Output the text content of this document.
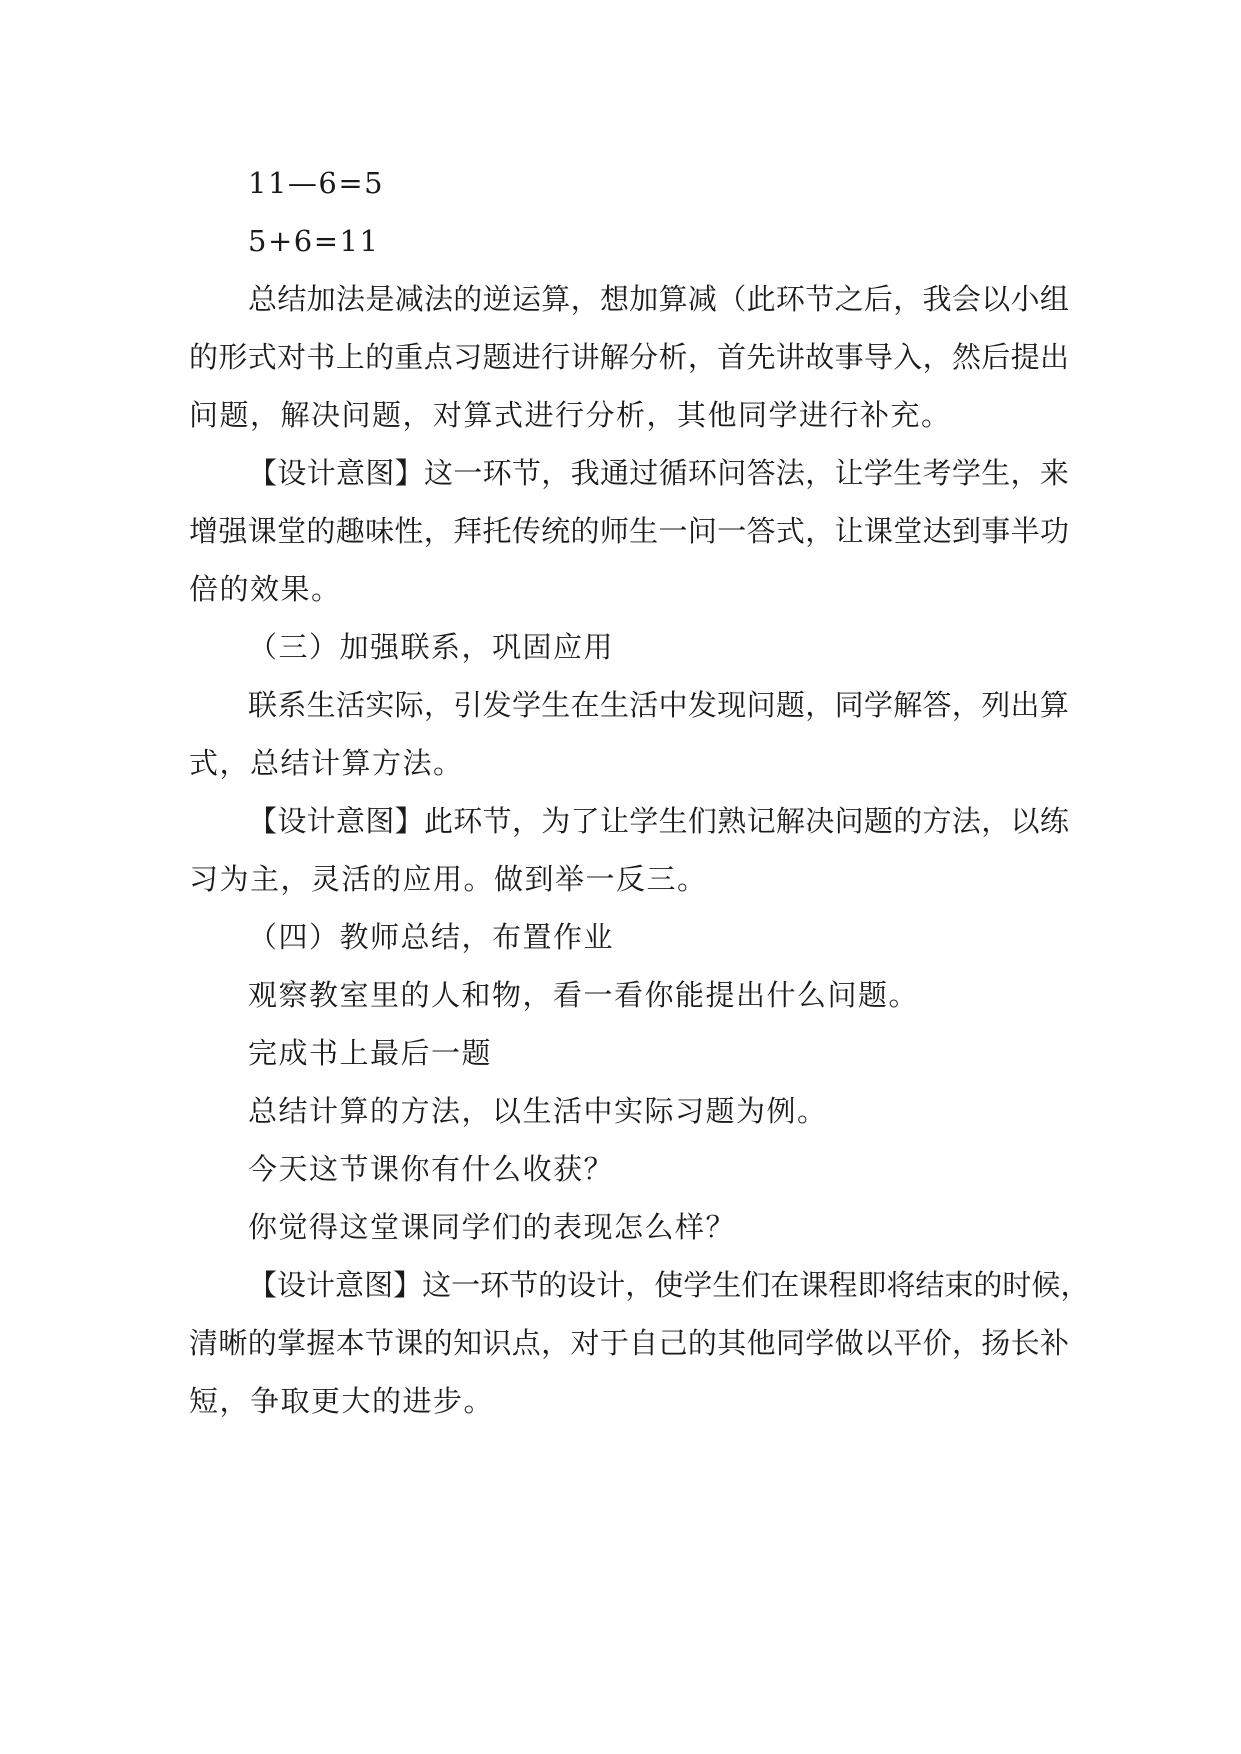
11—6=5
5+6=11
总 结 加 法 是 减 法 的 逆 运 算 ， 想 加 算 减 （ 此 环 节 之 后 ， 我 会 以 小 组
的 形 式 对 书 上 的 重 点 习 题 进 行 讲 解 分 析 ， 首 先 讲 故 事 导 入 ， 然 后 提 出
问题，解决问题，对算式进行分析，其他同学进行补充。
【 设 计 意 图 】 这 一 环 节 ， 我 通 过 循 环 问 答 法 ， 让 学 生 考 学 生 ， 来
增 强 课 堂 的 趣 味 性 ， 拜 托 传 统 的 师 生 一 问 一 答 式 ， 让 课 堂 达 到 事 半 功
倍的效果。
（三）加强联系，巩固应用
联 系 生 活 实 际 ， 引 发 学 生 在 生 活 中 发 现 问 题 ， 同 学 解 答 ， 列 出 算
式，总结计算方法。
【 设 计 意 图 】 此 环 节 ， 为 了 让 学 生 们 熟 记 解 决 问 题 的 方 法 ， 以 练
习为主，灵活的应用。做到举一反三。
（四）教师总结，布置作业
观察教室里的人和物，看一看你能提出什么问题。
完成书上最后一题
总结计算的方法，以生活中实际习题为例。
今天这节课你有什么收获？
你觉得这堂课同学们的表现怎么样？
【 设 计 意 图 】 这 一 环 节 的 设 计 ， 使 学 生 们 在 课 程 即 将 结 束 的 时 候 ，
清 晰 的 掌 握 本 节 课 的 知 识 点 ， 对 于 自 己 的 其 他 同 学 做 以 平 价 ， 扬 长 补
短，争取更大的进步。
